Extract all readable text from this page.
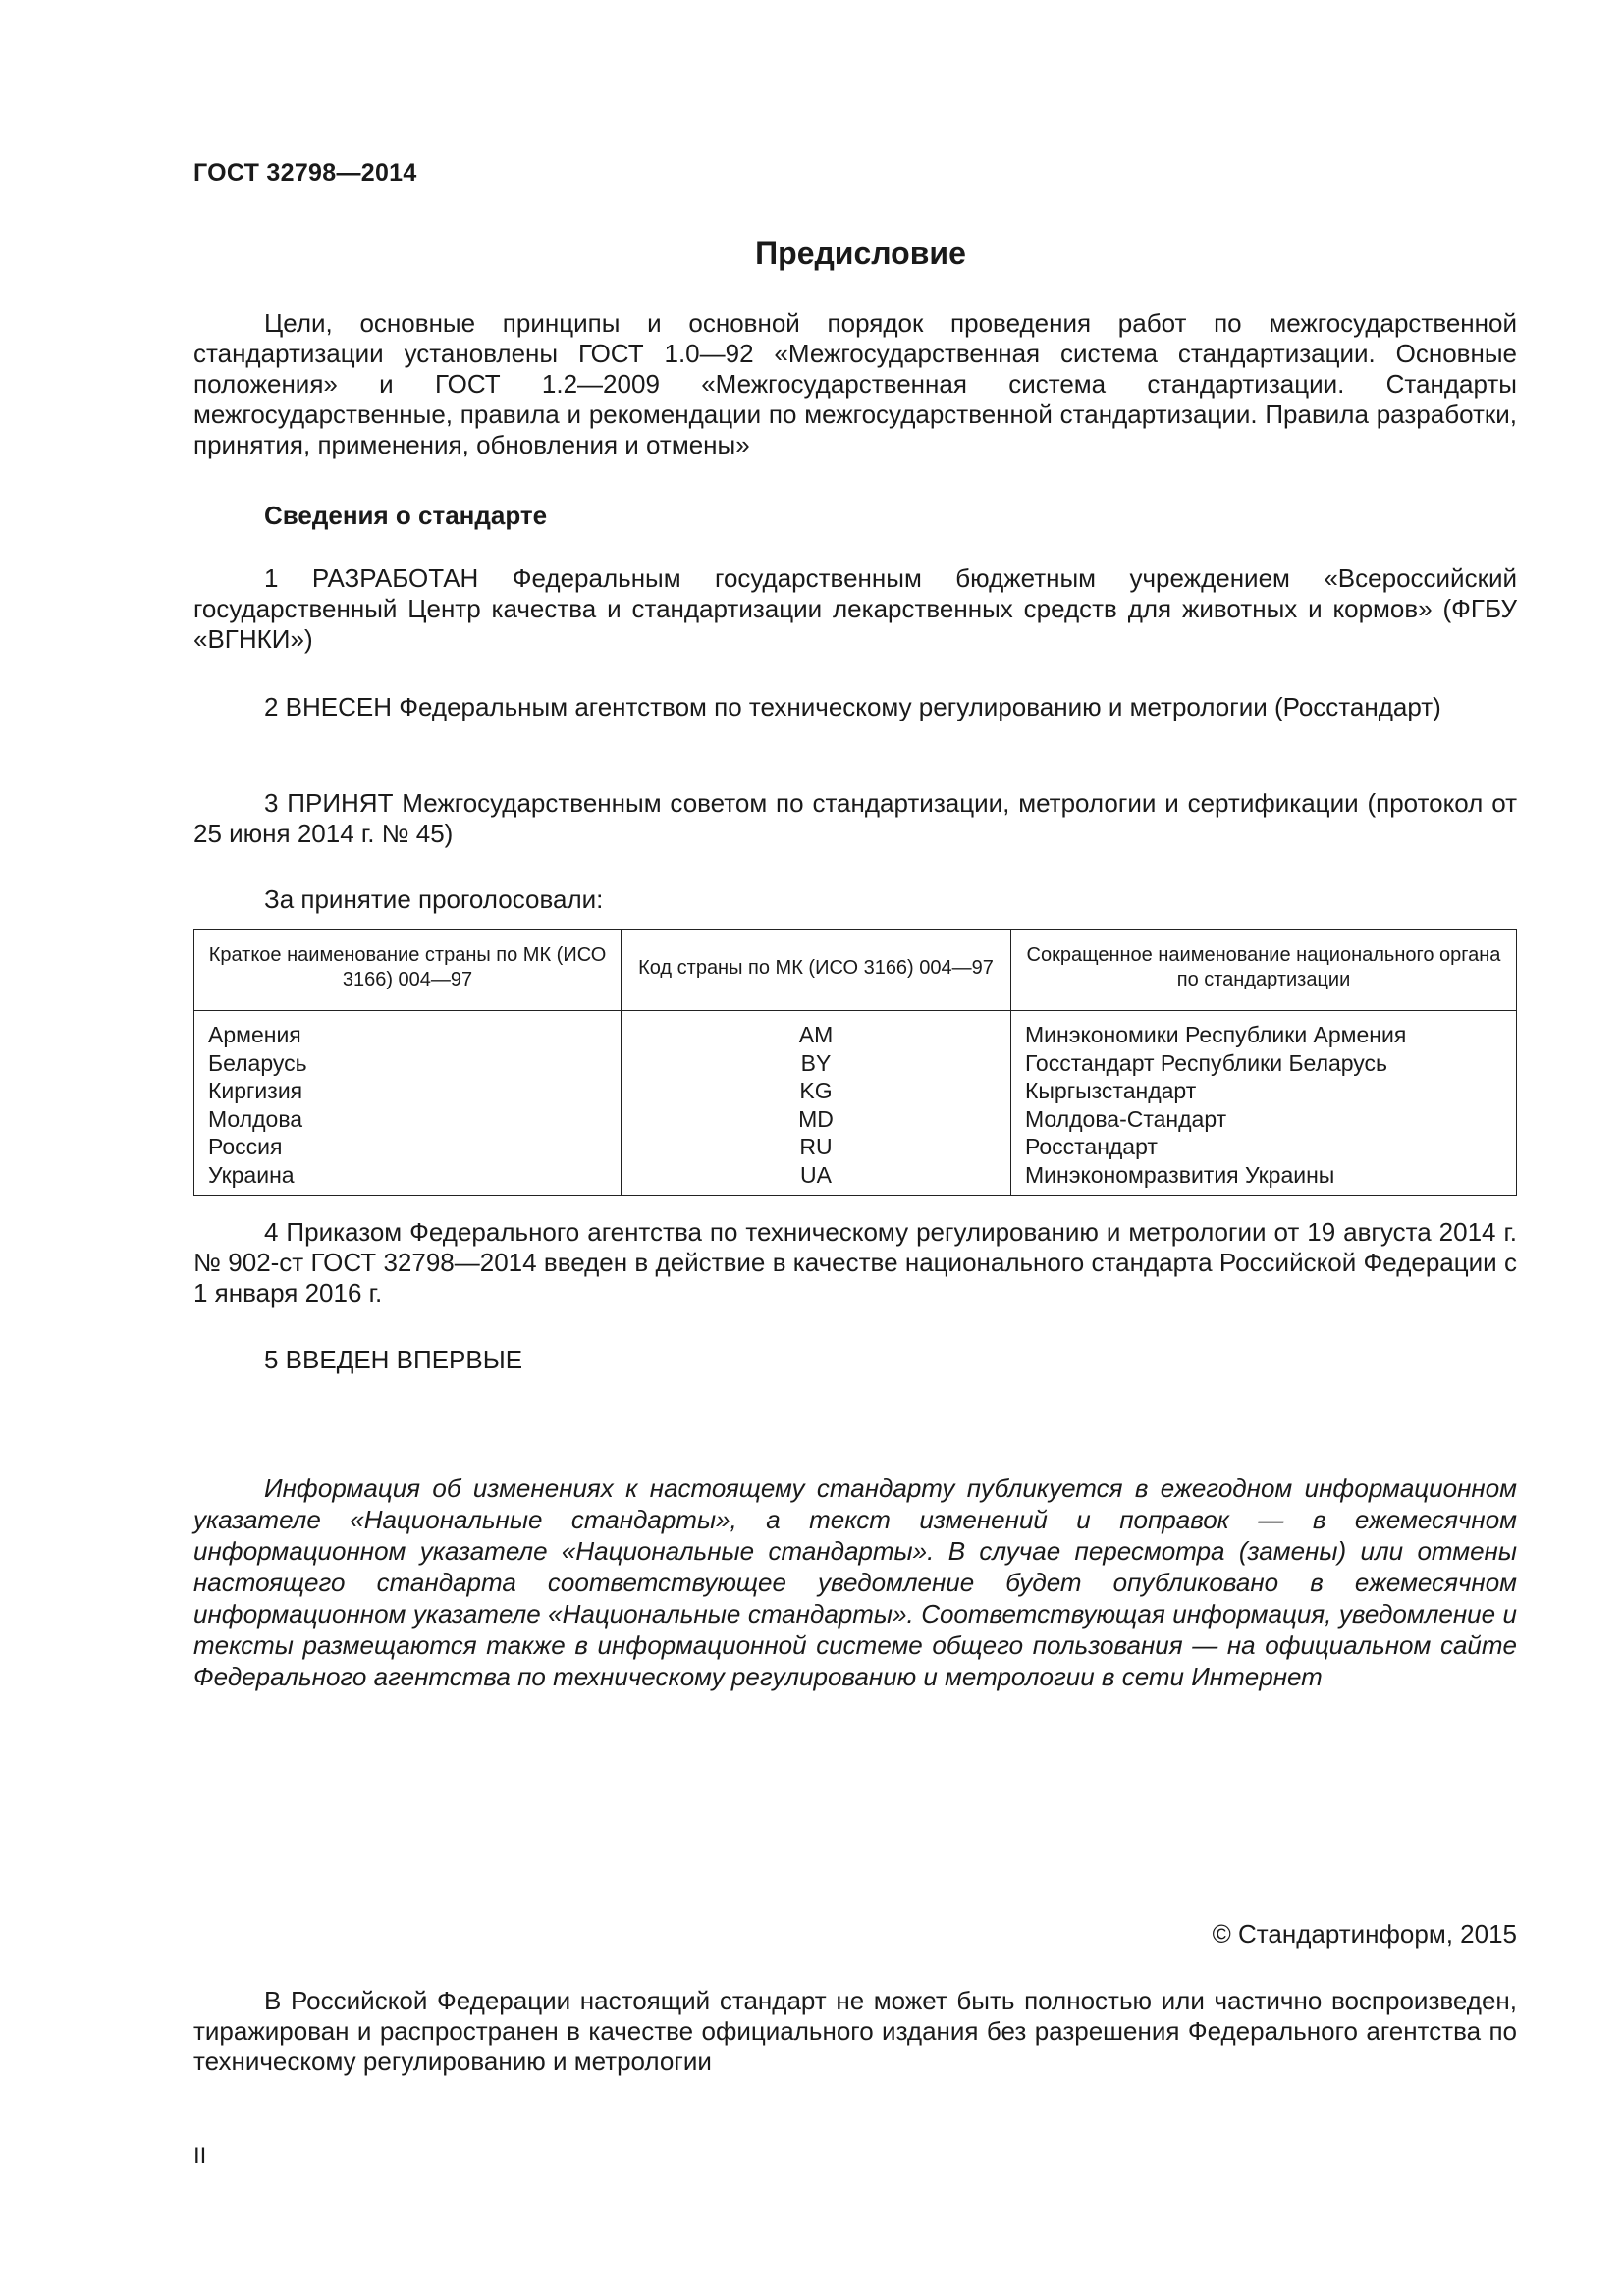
ГОСТ 32798—2014
Предисловие

Цели, основные принципы и основной порядок проведения работ по межгосударственной стандартизации установлены ГОСТ 1.0—92 «Межгосударственная система стандартизации. Основные положения» и ГОСТ 1.2—2009 «Межгосударственная система стандартизации. Стандарты межгосударственные, правила и рекомендации по межгосударственной стандартизации. Правила разработки, принятия, применения, обновления и отмены»

Сведения о стандарте

1 РАЗРАБОТАН Федеральным государственным бюджетным учреждением «Всероссийский государственный Центр качества и стандартизации лекарственных средств для животных и кормов» (ФГБУ «ВГНКИ»)

2 ВНЕСЕН Федеральным агентством по техническому регулированию и метрологии (Росстандарт)

3 ПРИНЯТ Межгосударственным советом по стандартизации, метрологии и сертификации (протокол от 25 июня 2014 г. № 45)

За принятие проголосовали:

Краткое наименование страны по МК (ИСО 3166) 004—97	Код страны по МК (ИСО 3166) 004—97	Сокращенное наименование национального органа по стандартизации
Армения	AM	Минэкономики Республики Армения
Беларусь	BY	Госстандарт Республики Беларусь
Киргизия	KG	Кыргызстандарт
Молдова	MD	Молдова-Стандарт
Россия	RU	Росстандарт
Украина	UA	Минэкономразвития Украины

4 Приказом Федерального агентства по техническому регулированию и метрологии от 19 августа 2014 г. № 902-ст ГОСТ 32798—2014 введен в действие в качестве национального стандарта Российской Федерации с 1 января 2016 г.

5 ВВЕДЕН ВПЕРВЫЕ

Информация об изменениях к настоящему стандарту публикуется в ежегодном информационном указателе «Национальные стандарты», а текст изменений и поправок — в ежемесячном информационном указателе «Национальные стандарты». В случае пересмотра (замены) или отмены настоящего стандарта соответствующее уведомление будет опубликовано в ежемесячном информационном указателе «Национальные стандарты». Соответствующая информация, уведомление и тексты размещаются также в информационной системе общего пользования — на официальном сайте Федерального агентства по техническому регулированию и метрологии в сети Интернет

© Стандартинформ, 2015

В Российской Федерации настоящий стандарт не может быть полностью или частично воспроизведен, тиражирован и распространен в качестве официального издания без разрешения Федерального агентства по техническому регулированию и метрологии

II
